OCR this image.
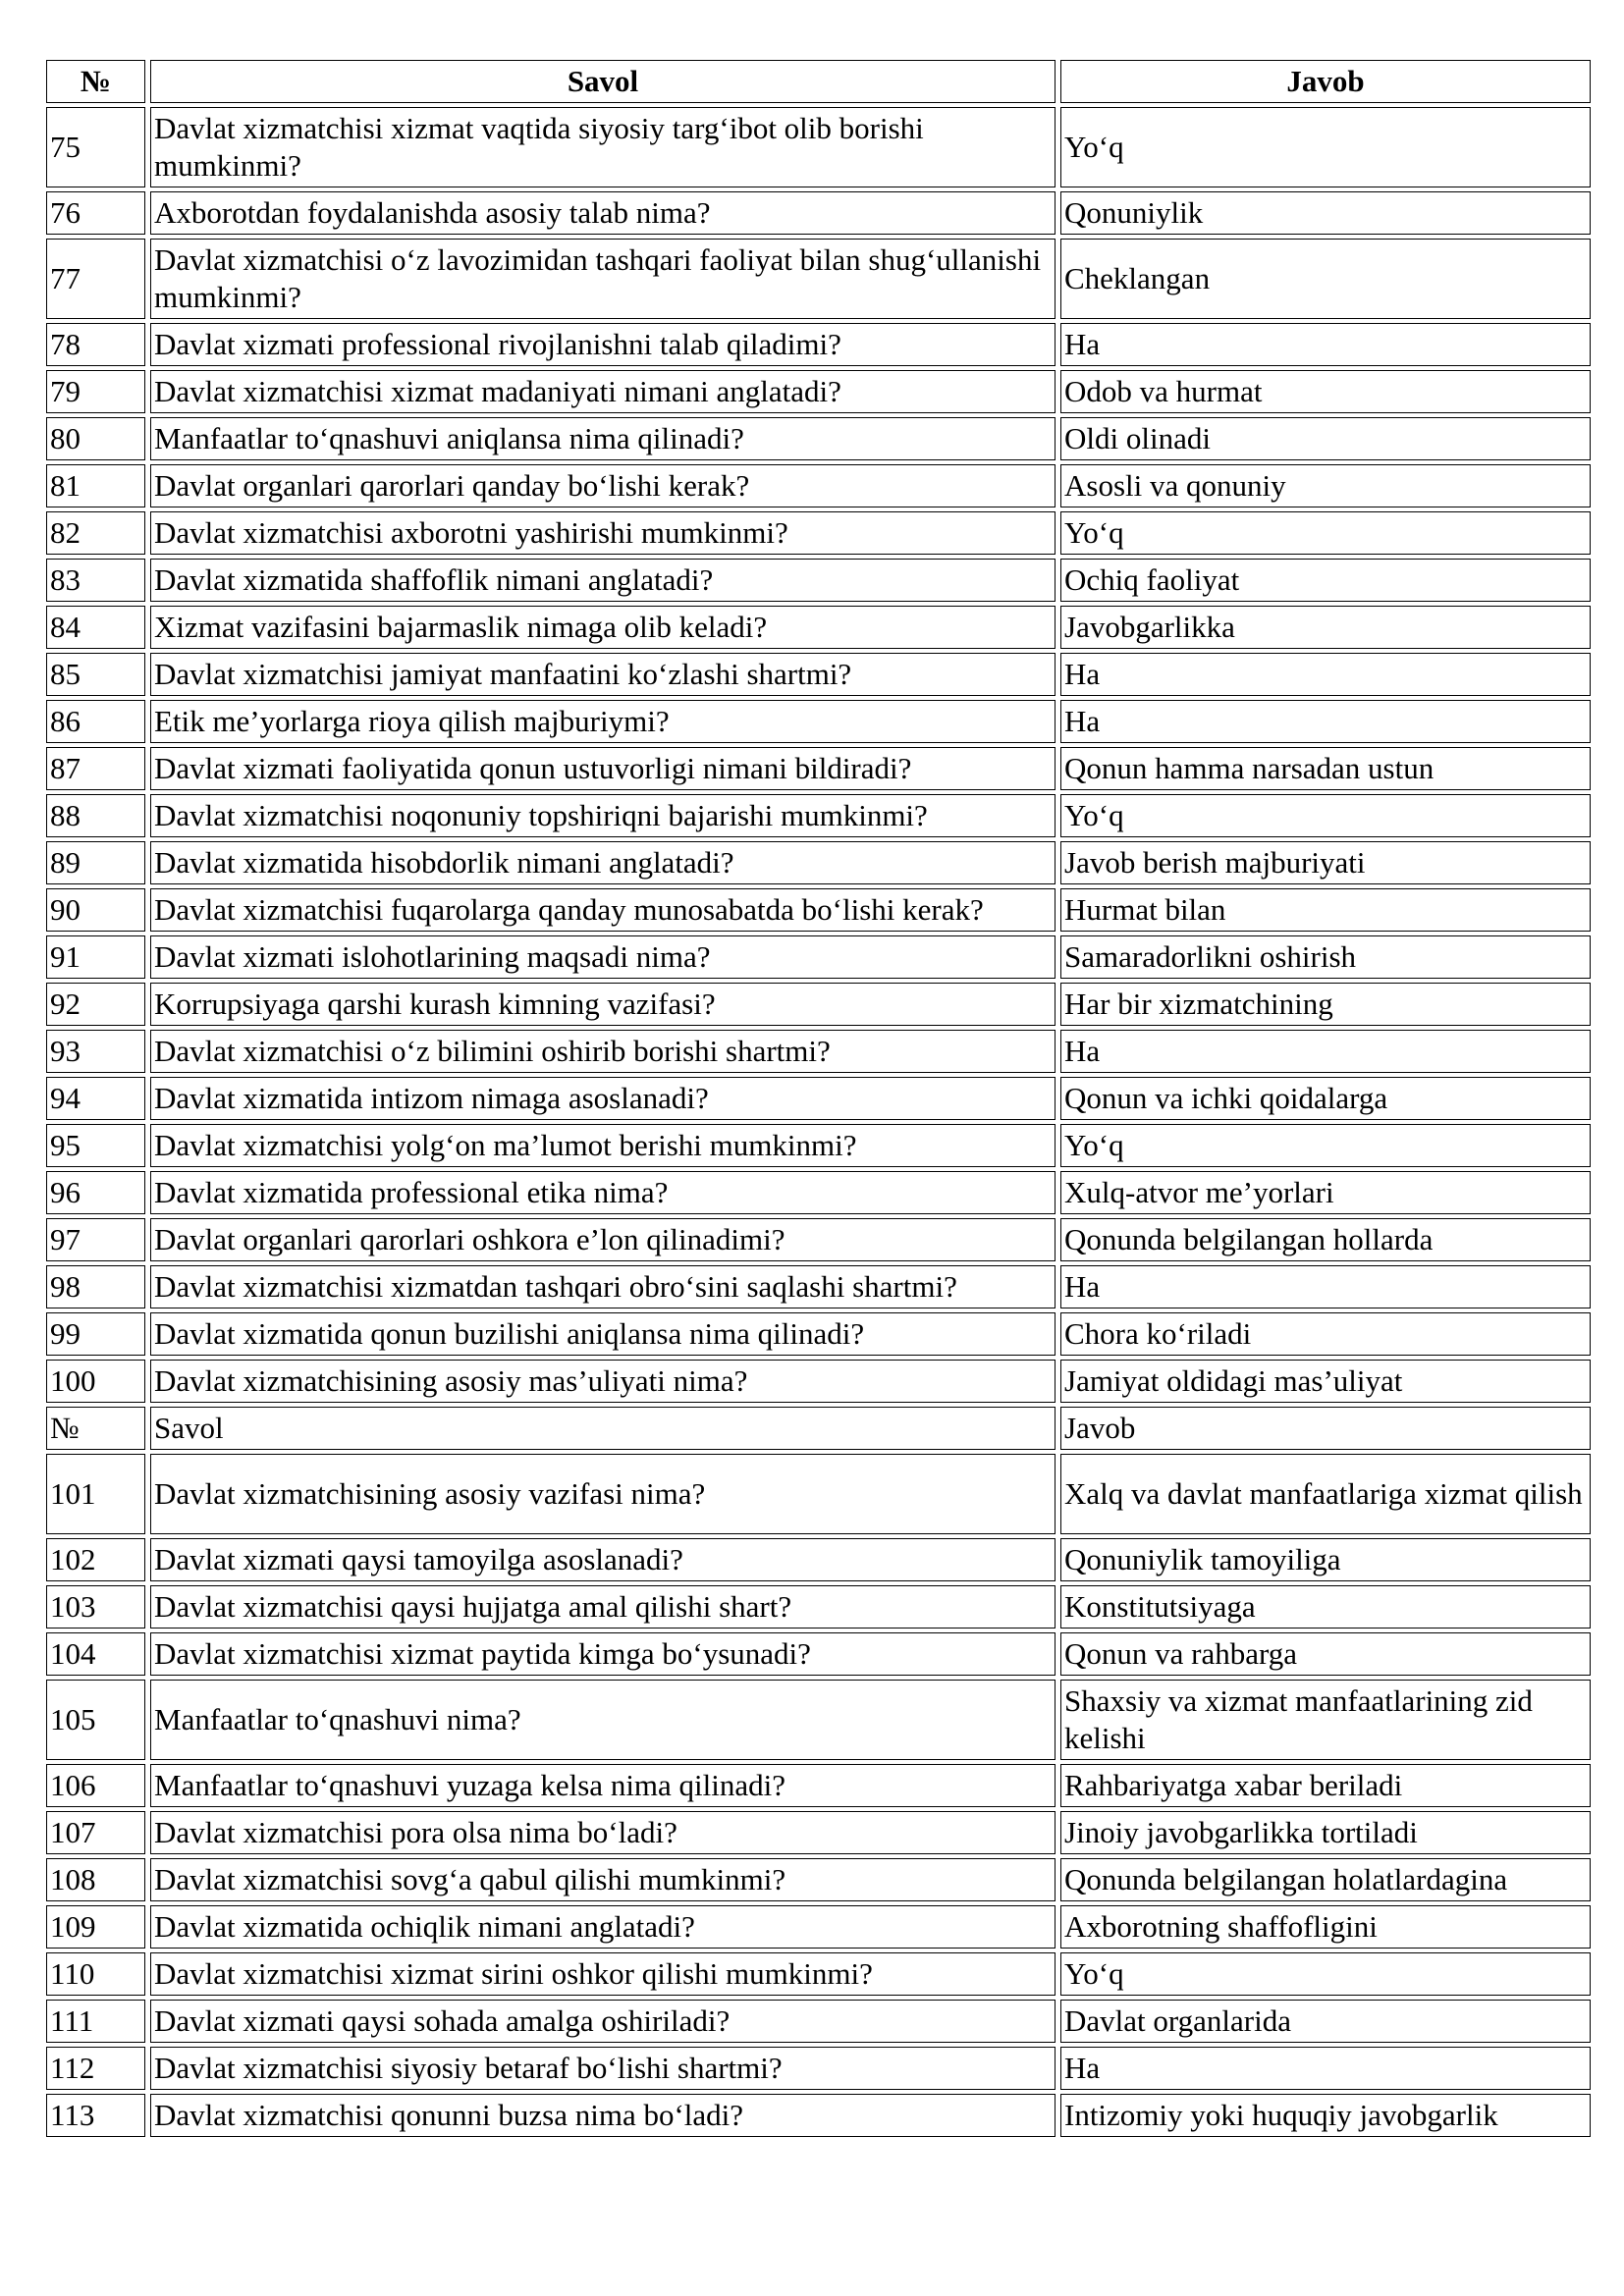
№	Savol	Javob
75	Davlat xizmatchisi xizmat vaqtida siyosiy targ‘ibot olib borishi mumkinmi?	Yo‘q
76	Axborotdan foydalanishda asosiy talab nima?	Qonuniylik
77	Davlat xizmatchisi o‘z lavozimidan tashqari faoliyat bilan shug‘ullanishi mumkinmi?	Cheklangan
78	Davlat xizmati professional rivojlanishni talab qiladimi?	Ha
79	Davlat xizmatchisi xizmat madaniyati nimani anglatadi?	Odob va hurmat
80	Manfaatlar to‘qnashuvi aniqlansa nima qilinadi?	Oldi olinadi
81	Davlat organlari qarorlari qanday bo‘lishi kerak?	Asosli va qonuniy
82	Davlat xizmatchisi axborotni yashirishi mumkinmi?	Yo‘q
83	Davlat xizmatida shaffoflik nimani anglatadi?	Ochiq faoliyat
84	Xizmat vazifasini bajarmaslik nimaga olib keladi?	Javobgarlikka
85	Davlat xizmatchisi jamiyat manfaatini ko‘zlashi shartmi?	Ha
86	Etik me’yorlarga rioya qilish majburiymi?	Ha
87	Davlat xizmati faoliyatida qonun ustuvorligi nimani bildiradi?	Qonun hamma narsadan ustun
88	Davlat xizmatchisi noqonuniy topshiriqni bajarishi mumkinmi?	Yo‘q
89	Davlat xizmatida hisobdorlik nimani anglatadi?	Javob berish majburiyati
90	Davlat xizmatchisi fuqarolarga qanday munosabatda bo‘lishi kerak?	Hurmat bilan
91	Davlat xizmati islohotlarining maqsadi nima?	Samaradorlikni oshirish
92	Korrupsiyaga qarshi kurash kimning vazifasi?	Har bir xizmatchining
93	Davlat xizmatchisi o‘z bilimini oshirib borishi shartmi?	Ha
94	Davlat xizmatida intizom nimaga asoslanadi?	Qonun va ichki qoidalarga
95	Davlat xizmatchisi yolg‘on ma’lumot berishi mumkinmi?	Yo‘q
96	Davlat xizmatida professional etika nima?	Xulq-atvor me’yorlari
97	Davlat organlari qarorlari oshkora e’lon qilinadimi?	Qonunda belgilangan hollarda
98	Davlat xizmatchisi xizmatdan tashqari obro‘sini saqlashi shartmi?	Ha
99	Davlat xizmatida qonun buzilishi aniqlansa nima qilinadi?	Chora ko‘riladi
100	Davlat xizmatchisining asosiy mas’uliyati nima?	Jamiyat oldidagi mas’uliyat
№	Savol	Javob
101	Davlat xizmatchisining asosiy vazifasi nima?	Xalq va davlat manfaatlariga xizmat qilish
102	Davlat xizmati qaysi tamoyilga asoslanadi?	Qonuniylik tamoyiliga
103	Davlat xizmatchisi qaysi hujjatga amal qilishi shart?	Konstitutsiyaga
104	Davlat xizmatchisi xizmat paytida kimga bo‘ysunadi?	Qonun va rahbarga
105	Manfaatlar to‘qnashuvi nima?	Shaxsiy va xizmat manfaatlarining zid kelishi
106	Manfaatlar to‘qnashuvi yuzaga kelsa nima qilinadi?	Rahbariyatga xabar beriladi
107	Davlat xizmatchisi pora olsa nima bo‘ladi?	Jinoiy javobgarlikka tortiladi
108	Davlat xizmatchisi sovg‘a qabul qilishi mumkinmi?	Qonunda belgilangan holatlardagina
109	Davlat xizmatida ochiqlik nimani anglatadi?	Axborotning shaffofligini
110	Davlat xizmatchisi xizmat sirini oshkor qilishi mumkinmi?	Yo‘q
111	Davlat xizmati qaysi sohada amalga oshiriladi?	Davlat organlarida
112	Davlat xizmatchisi siyosiy betaraf bo‘lishi shartmi?	Ha
113	Davlat xizmatchisi qonunni buzsa nima bo‘ladi?	Intizomiy yoki huquqiy javobgarlik
